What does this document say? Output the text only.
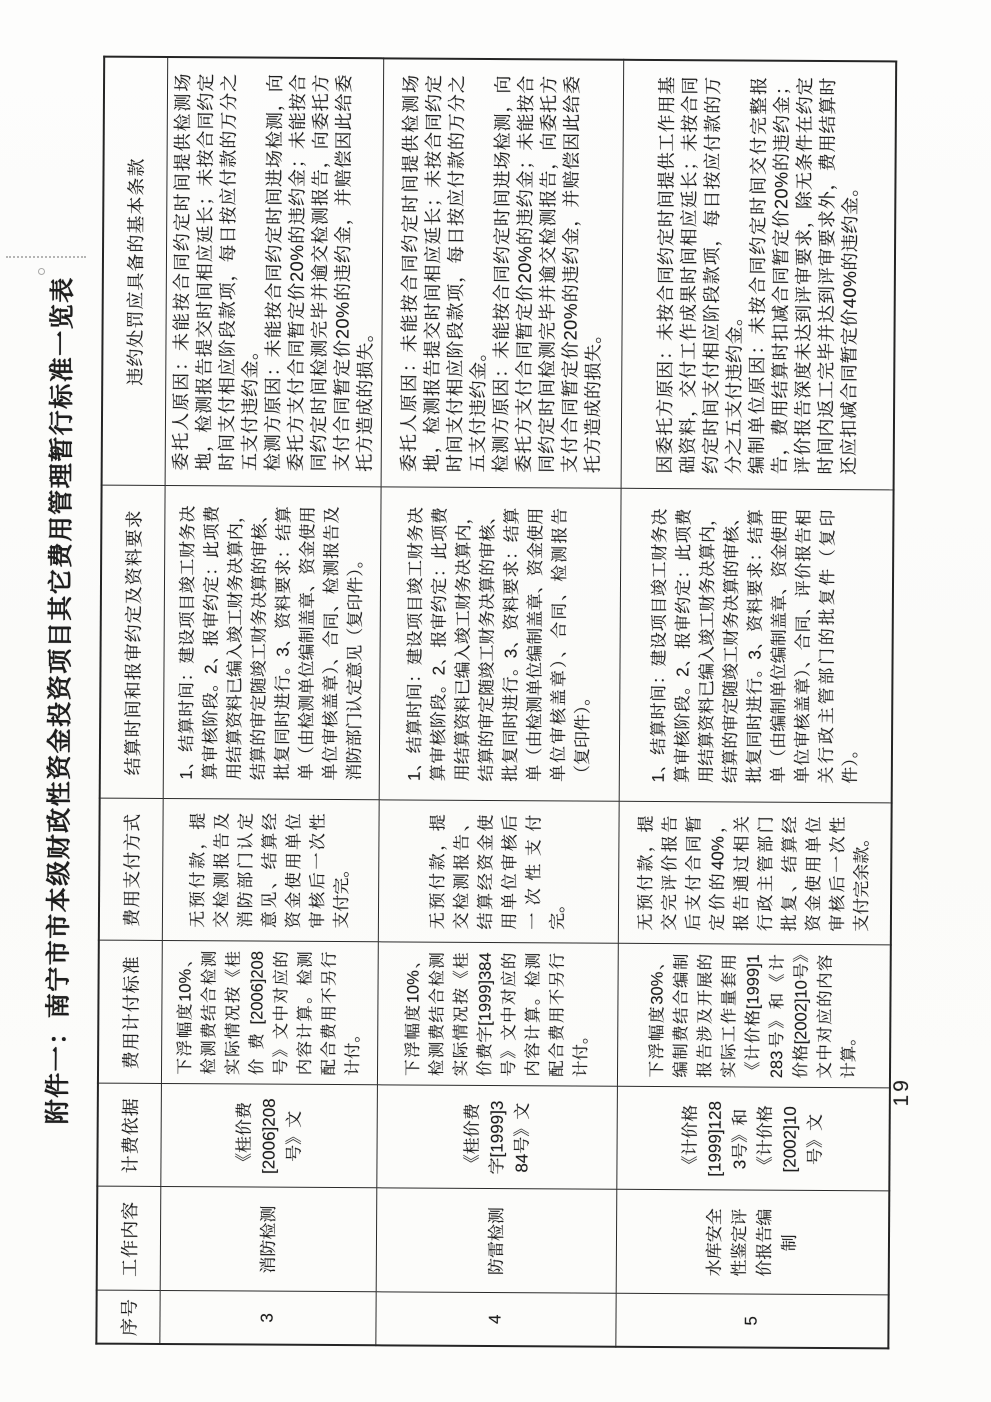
附件一：南宁市市本级财政性资金投资项目其它费用管理暂行标准一览表
序号	工作内容	计费依据	费用计付标准	费用支付方式	结算时间和报审约定及资料要求	违约处罚应具备的基本条款
3	消防检测	《桂价费[2006]208号》文	下浮幅度10%、检测费结合检测实际情况按《桂价费[2006]208号》文中对应的内容计算。检测配合费用不另行计付。	无预付款，提交检测报告及消防部门认定意见、结算经资金使用单位审核后一次性支付完。	1、结算时间：建设项目竣工财务决算审核阶段。2、报审约定：此项费用结算资料已编入竣工财务决算内，结算的审定随竣工财务决算的审核、批复同时进行。3、资料要求：结算单（由检测单位编制盖章、资金使用单位审核盖章）、合同、检测报告及消防部门认定意见（复印件）。	委托人原因：未能按合同约定时间提供检测场地，检测报告提交时间相应延长；未按合同约定时间支付相应阶段款项，每日按应付款的万分之五支付违约金。
检测方原因：未能按合同约定时间进场检测，向委托方支付合同暂定价20%的违约金；未能按合同约定时间检测完毕并逾交检测报告，向委托方支付合同暂定价20%的违约金，并赔偿因此给委托方造成的损失。
4	防雷检测	《桂价费字[1999]384号》文	下浮幅度10%、检测费结合检测实际情况按《桂价费字[1999]384号》文中对应的内容计算。检测配合费用不另行计付。	无预付款，提交检测报告、结算经资金使用单位审核后一次性支付完。	1、结算时间：建设项目竣工财务决算审核阶段。2、报审约定：此项费用结算资料已编入竣工财务决算内，结算的审定随竣工财务决算的审核、批复同时进行。3、资料要求：结算单（由检测单位编制盖章、资金使用单位审核盖章）、合同、检测报告（复印件）。	委托人原因：未能按合同约定时间提供检测场地，检测报告提交时间相应延长；未按合同约定时间支付相应阶段款项，每日按应付款的万分之五支付违约金。
检测方原因：未能按合同约定时间进场检测，向委托方支付合同暂定价20%的违约金；未能按合同约定时间检测完毕并逾交检测报告，向委托方支付合同暂定价20%的违约金，并赔偿因此给委托方造成的损失。
5	水库安全性鉴定评价报告编制	《计价格[1999]1283号》和《计价格[2002]10号》文	下浮幅度30%、编制费结合编制报告涉及开展的实际工作量套用《计价格[1999]1283号》和《计价格[2002]10号》文中对应的内容计算。	无预付款，提交完评价报告后支付合同暂定价的40%，报告通过相关行政主管部门批复、结算经资金使用单位审核后一次性支付完余款。	1、结算时间：建设项目竣工财务决算审核阶段。2、报审约定：此项费用结算资料已编入竣工财务决算内，结算的审定随竣工财务决算的审核、批复同时进行。3、资料要求：结算单（由编制单位编制盖章、资金使用单位审核盖章）、合同、评价报告相关行政主管部门的批复件（复印件）。	因委托方原因：未按合同约定时间提供工作用基础资料，交付工作成果时间相应延长；未按合同约定时间支付相应阶段款项，每日按应付款的万分之五支付违约金。
编制单位原因：未按合同约定时间交付完整报告，费用结算时扣减合同暂定价20%的违约金；评价报告深度未达到评审要求，除无条件在约定时间内返工完毕并达到评审要求外，费用结算时还应扣减合同暂定价40%的违约金。
19
